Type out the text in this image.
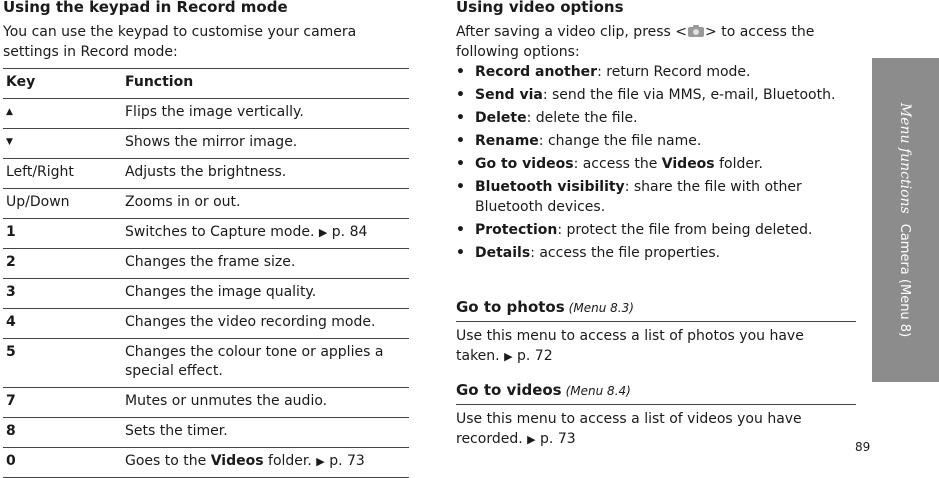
Using the keypad in Record mode
You can use the keypad to customise your camera settings in Record mode:
Key	Function
▲	Flips the image vertically.
▼	Shows the mirror image.
Left/Right	Adjusts the brightness.
Up/Down	Zooms in or out.
1	Switches to Capture mode. ▶ p. 84
2	Changes the frame size.
3	Changes the image quality.
4	Changes the video recording mode.
5	Changes the colour tone or applies a special effect.
7	Mutes or unmutes the audio.
8	Sets the timer.
0	Goes to the Videos folder. ▶ p. 73
Using video options
After saving a video clip, press < > to access the following options:
• Record another: return Record mode.
• Send via: send the file via MMS, e-mail, Bluetooth.
• Delete: delete the file.
• Rename: change the file name.
• Go to videos: access the Videos folder.
• Bluetooth visibility: share the file with other Bluetooth devices.
• Protection: protect the file from being deleted.
• Details: access the file properties.
Go to photos (Menu 8.3)
Use this menu to access a list of photos you have taken. ▶ p. 72
Go to videos (Menu 8.4)
Use this menu to access a list of videos you have recorded. ▶ p. 73
Menu functionsCamera (Menu 8)
89
